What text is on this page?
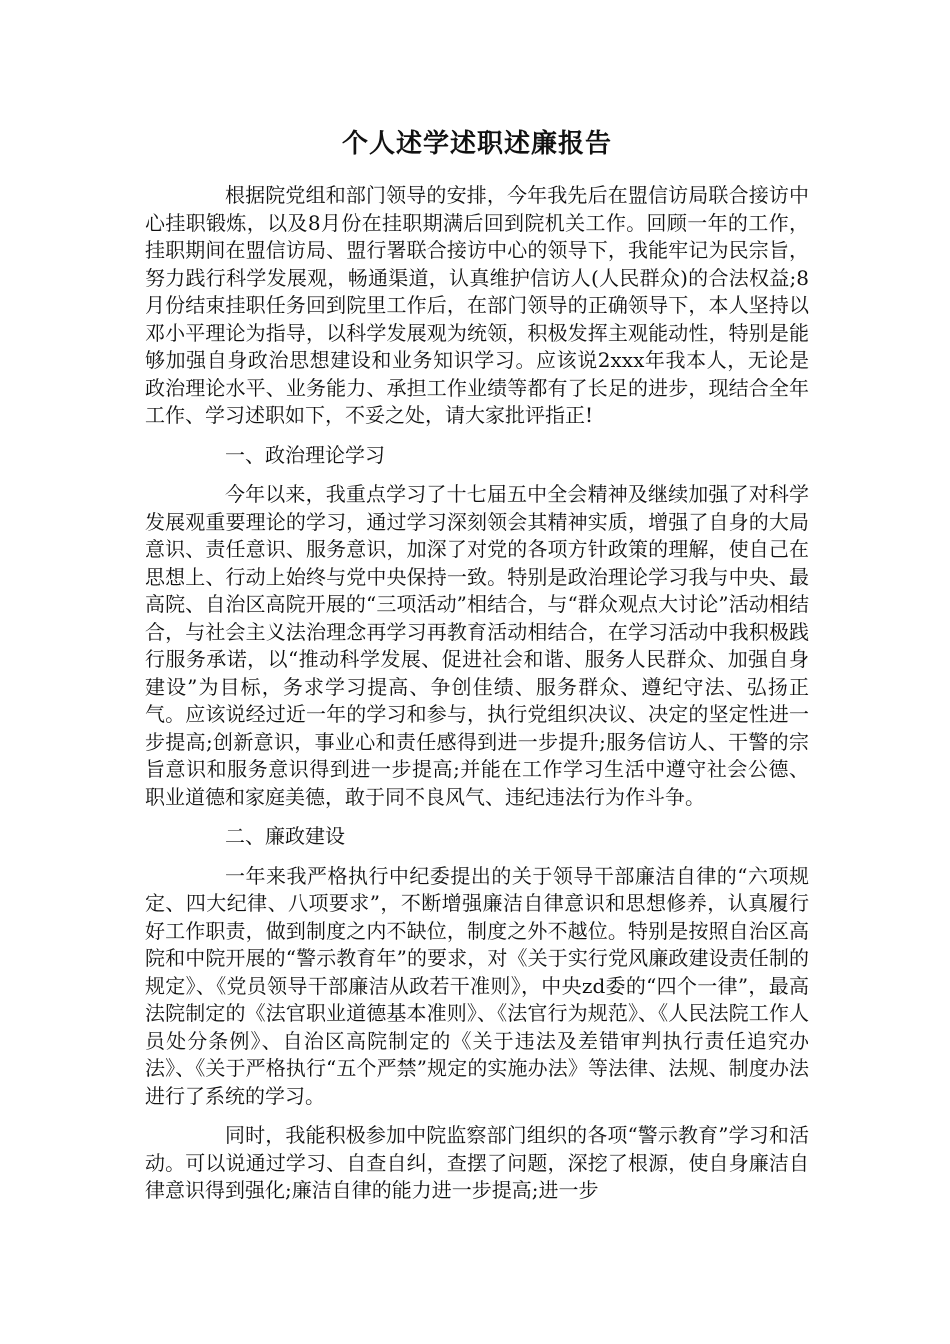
个人述学述职述廉报告

根据院党组和部门领导的安排，今年我先后在盟信访局联合接访中心挂职锻炼，以及8月份在挂职期满后回到院机关工作。回顾一年的工作，挂职期间在盟信访局、盟行署联合接访中心的领导下，我能牢记为民宗旨，努力践行科学发展观，畅通渠道，认真维护信访人(人民群众)的合法权益;8月份结束挂职任务回到院里工作后，在部门领导的正确领导下，本人坚持以邓小平理论为指导，以科学发展观为统领，积极发挥主观能动性，特别是能够加强自身政治思想建设和业务知识学习。应该说2xxx年我本人，无论是政治理论水平、业务能力、承担工作业绩等都有了长足的进步，现结合全年工作、学习述职如下，不妥之处，请大家批评指正!

一、政治理论学习

今年以来，我重点学习了十七届五中全会精神及继续加强了对科学发展观重要理论的学习，通过学习深刻领会其精神实质，增强了自身的大局意识、责任意识、服务意识，加深了对党的各项方针政策的理解，使自己在思想上、行动上始终与党中央保持一致。特别是政治理论学习我与中央、最高院、自治区高院开展的“三项活动”相结合，与“群众观点大讨论”活动相结合，与社会主义法治理念再学习再教育活动相结合，在学习活动中我积极践行服务承诺，以“推动科学发展、促进社会和谐、服务人民群众、加强自身建设”为目标，务求学习提高、争创佳绩、服务群众、遵纪守法、弘扬正气。应该说经过近一年的学习和参与，执行党组织决议、决定的坚定性进一步提高;创新意识，事业心和责任感得到进一步提升;服务信访人、干警的宗旨意识和服务意识得到进一步提高;并能在工作学习生活中遵守社会公德、职业道德和家庭美德，敢于同不良风气、违纪违法行为作斗争。

二、廉政建设

一年来我严格执行中纪委提出的关于领导干部廉洁自律的“六项规定、四大纪律、八项要求”，不断增强廉洁自律意识和思想修养，认真履行好工作职责，做到制度之内不缺位，制度之外不越位。特别是按照自治区高院和中院开展的“警示教育年”的要求，对《关于实行党风廉政建设责任制的规定》、《党员领导干部廉洁从政若干准则》，中央zd委的“四个一律”，最高法院制定的《法官职业道德基本准则》、《法官行为规范》、《人民法院工作人员处分条例》、自治区高院制定的《关于违法及差错审判执行责任追究办法》、《关于严格执行“五个严禁”规定的实施办法》等法律、法规、制度办法进行了系统的学习。

同时，我能积极参加中院监察部门组织的各项“警示教育”学习和活动。可以说通过学习、自查自纠，查摆了问题，深挖了根源，使自身廉洁自律意识得到强化;廉洁自律的能力进一步提高;进一步
